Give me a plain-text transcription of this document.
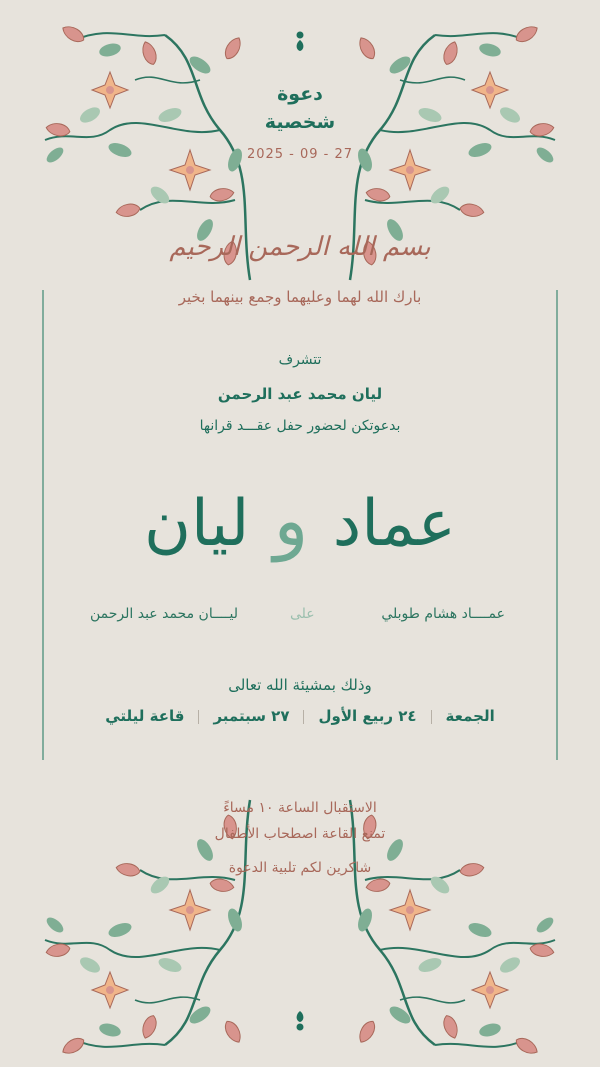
دعوة
شخصية
2025 - 09 - 27
بسم الله الرحمن الرحيم
بارك الله لهما وعليهما وجمع بينهما بخير
تتشرف
ليان محمد عبد الرحمن
بدعوتكن لحضور حفل عقـــد قرانها
عماد و ليان
عمــــاد هشام طوبلي
على
ليــــان محمد عبد الرحمن
وذلك بمشيئة الله تعالى
الجمعة٢٤ ربيع الأول٢٧ سبتمبرقاعة ليلتي
الاستقبال الساعة ١٠ مساءً
تمنع القاعة اصطحاب الأطفال
شاكرين لكم تلبية الدعوة
